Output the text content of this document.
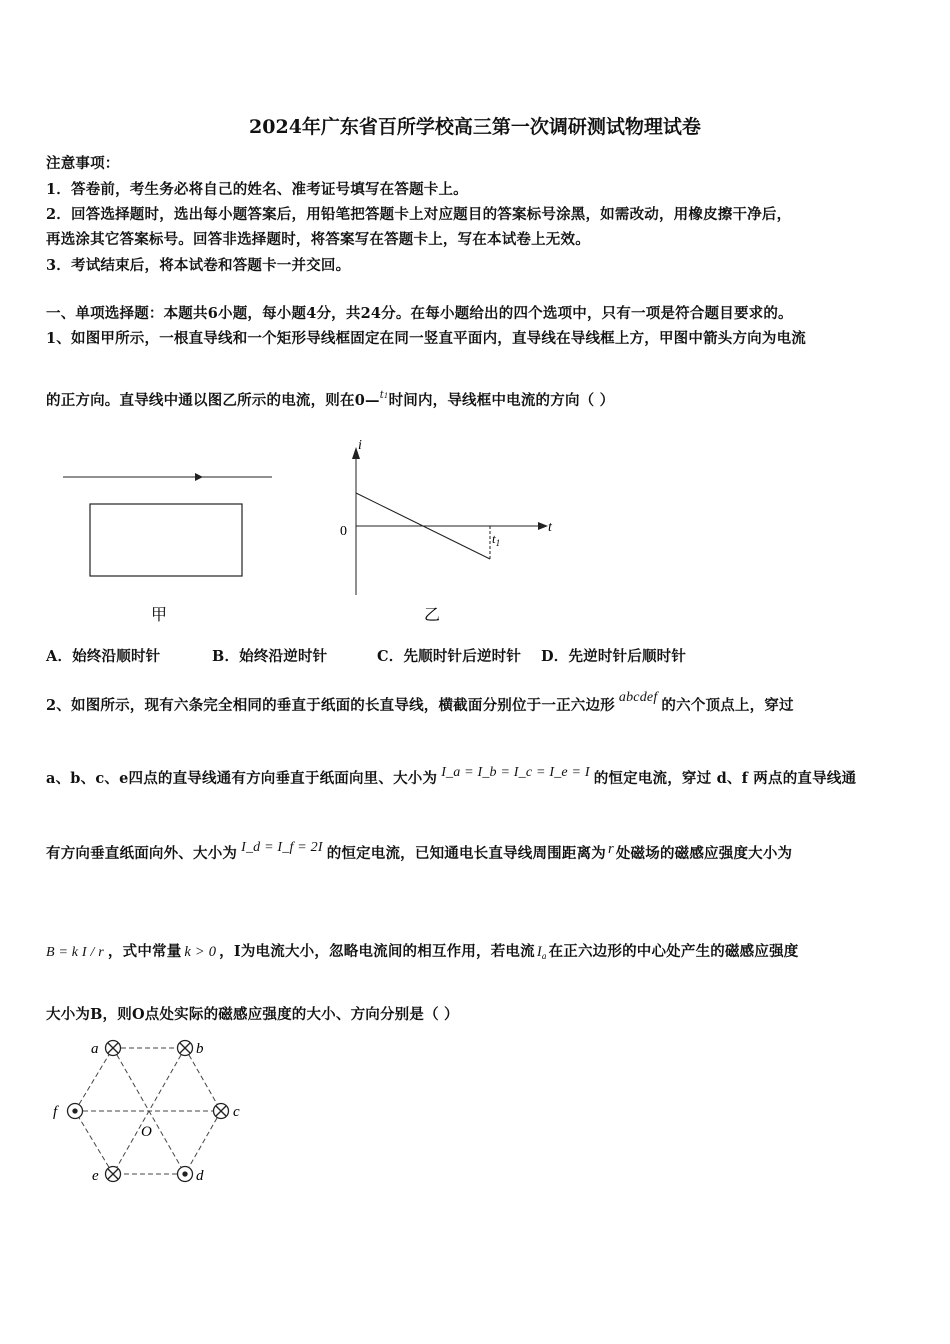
2024年广东省百所学校高三第一次调研测试物理试卷
注意事项：
1．答卷前，考生务必将自己的姓名、准考证号填写在答题卡上。
2．回答选择题时，选出每小题答案后，用铅笔把答题卡上对应题目的答案标号涂黑，如需改动，用橡皮擦干净后，
再选涂其它答案标号。回答非选择题时，将答案写在答题卡上，写在本试卷上无效。
3．考试结束后，将本试卷和答题卡一并交回。
一、单项选择题：本题共6小题，每小题4分，共24分。在每小题给出的四个选项中，只有一项是符合题目要求的。
1、如图甲所示，一根直导线和一个矩形导线框固定在同一竖直平面内，直导线在导线框上方，甲图中箭头方向为电流
的正方向。直导线中通以图乙所示的电流，则在0—$^{t1}$时间内，导线框中电流的方向（ ）
甲
i
t
0	$t_1$
乙
A．始终沿顺时针	B．始终沿逆时针	C．先顺时针后逆时针 D．先逆时针后顺时针
2、如图所示，现有六条完全相同的垂直于纸面的长直导线，横截面分别位于一正六边形 abcdef 的六个顶点上，穿过
a、b、c、e四点的直导线通有方向垂直于纸面向里、大小为 I_a = I_b = I_c = I_e = I 的恒定电流，穿过 d、f 两点的直导线通
有方向垂直纸面向外、大小为 I_d = I_f = 2I 的恒定电流，已知通电长直导线周围距离为 r 处磁场的磁感应强度大小为
B = k I / r ，式中常量 k > 0 ，I为电流大小，忽略电流间的相互作用，若电流 $I_a$ 在正六边形的中心处产生的磁感应强度
大小为B，则O点处实际的磁感应强度的大小、方向分别是（ ）
a	b
c
d
e
f
O
